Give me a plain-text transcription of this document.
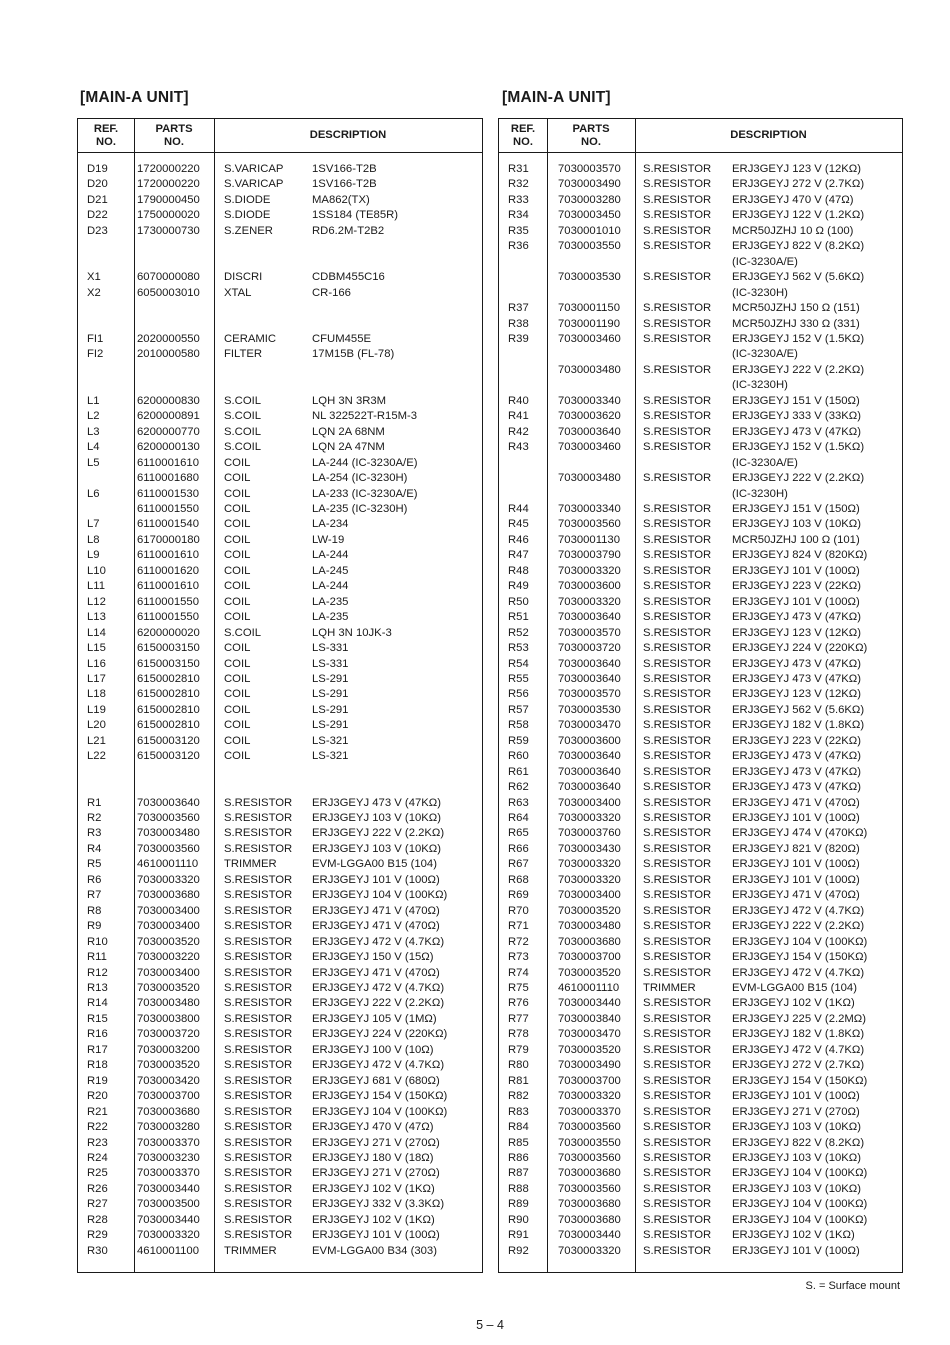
[MAIN-A UNIT]
REF.
NO.
PARTS
NO.
DESCRIPTION
D19	1720000220 S.VARICAP	1SV166-T2B
D20	1720000220 S.VARICAP	1SV166-T2B
D21	1790000450 S.DIODE	MA862(TX)
D22	1750000020 S.DIODE	1SS184 (TE85R)
D23	1730000730 S.ZENER	RD6.2M-T2B2
X1	6070000080 DISCRI	CDBM455C16
X2	6050003010 XTAL	CR-166
FI1	2020000550 CERAMIC	CFUM455E
FI2	2010000580 FILTER	17M15B (FL-78)
L1	6200000830 S.COIL	LQH 3N 3R3M
L2	6200000891 S.COIL	NL 322522T-R15M-3
L3	6200000770 S.COIL	LQN 2A 68NM
L4	6200000130 S.COIL	LQN 2A 47NM
L5	6110001610 COIL	LA-244 (IC-3230A/E)
6110001680 COIL	LA-254 (IC-3230H)
L6	6110001530 COIL	LA-233 (IC-3230A/E)
6110001550 COIL	LA-235 (IC-3230H)
L7	6110001540 COIL	LA-234
L8	6170000180 COIL	LW-19
L9	6110001610 COIL	LA-244
L10	6110001620 COIL	LA-245
L11	6110001610 COIL	LA-244
L12	6110001550 COIL	LA-235
L13	6110001550 COIL	LA-235
L14	6200000020 S.COIL	LQH 3N 10JK-3
L15	6150003150 COIL	LS-331
L16	6150003150 COIL	LS-331
L17	6150002810 COIL	LS-291
L18	6150002810 COIL	LS-291
L19	6150002810 COIL	LS-291
L20	6150002810 COIL	LS-291
L21	6150003120 COIL	LS-321
L22	6150003120 COIL	LS-321
R1	7030003640 S.RESISTOR ERJ3GEYJ 473 V (47KΩ)
R2	7030003560 S.RESISTOR ERJ3GEYJ 103 V (10KΩ)
R3	7030003480 S.RESISTOR ERJ3GEYJ 222 V (2.2KΩ)
R4	7030003560 S.RESISTOR ERJ3GEYJ 103 V (10KΩ)
R5	4610001110 TRIMMER	EVM-LGGA00 B15 (104)
R6	7030003320 S.RESISTOR ERJ3GEYJ 101 V (100Ω)
R7	7030003680 S.RESISTOR ERJ3GEYJ 104 V (100KΩ)
R8	7030003400 S.RESISTOR ERJ3GEYJ 471 V (470Ω)
R9	7030003400 S.RESISTOR ERJ3GEYJ 471 V (470Ω)
R10	7030003520 S.RESISTOR ERJ3GEYJ 472 V (4.7KΩ)
R11	7030003220 S.RESISTOR ERJ3GEYJ 150 V (15Ω)
R12	7030003400 S.RESISTOR ERJ3GEYJ 471 V (470Ω)
R13	7030003520 S.RESISTOR ERJ3GEYJ 472 V (4.7KΩ)
R14	7030003480 S.RESISTOR ERJ3GEYJ 222 V (2.2KΩ)
R15	7030003800 S.RESISTOR ERJ3GEYJ 105 V (1MΩ)
R16	7030003720 S.RESISTOR ERJ3GEYJ 224 V (220KΩ)
R17	7030003200 S.RESISTOR ERJ3GEYJ 100 V (10Ω)
R18	7030003520 S.RESISTOR ERJ3GEYJ 472 V (4.7KΩ)
R19	7030003420 S.RESISTOR ERJ3GEYJ 681 V (680Ω)
R20	7030003700 S.RESISTOR ERJ3GEYJ 154 V (150KΩ)
R21	7030003680 S.RESISTOR ERJ3GEYJ 104 V (100KΩ)
R22	7030003280 S.RESISTOR ERJ3GEYJ 470 V (47Ω)
R23	7030003370 S.RESISTOR ERJ3GEYJ 271 V (270Ω)
R24	7030003230 S.RESISTOR ERJ3GEYJ 180 V (18Ω)
R25	7030003370 S.RESISTOR ERJ3GEYJ 271 V (270Ω)
R26	7030003440 S.RESISTOR ERJ3GEYJ 102 V (1KΩ)
R27	7030003500 S.RESISTOR ERJ3GEYJ 332 V (3.3KΩ)
R28	7030003440 S.RESISTOR ERJ3GEYJ 102 V (1KΩ)
R29	7030003320 S.RESISTOR ERJ3GEYJ 101 V (100Ω)
R30	4610001100 TRIMMER	EVM-LGGA00 B34 (303)
[MAIN-A UNIT]
REF.
NO.
PARTS
NO.
DESCRIPTION
R31	7030003570 S.RESISTOR ERJ3GEYJ 123 V (12KΩ)
R32	7030003490 S.RESISTOR ERJ3GEYJ 272 V (2.7KΩ)
R33	7030003280 S.RESISTOR ERJ3GEYJ 470 V (47Ω)
R34	7030003450 S.RESISTOR ERJ3GEYJ 122 V (1.2KΩ)
R35	7030001010 S.RESISTOR MCR50JZHJ 10 Ω (100)
R36	7030003550 S.RESISTOR ERJ3GEYJ 822 V (8.2KΩ)
(IC-3230A/E)
7030003530 S.RESISTOR ERJ3GEYJ 562 V (5.6KΩ)
(IC-3230H)
R37	7030001150 S.RESISTOR MCR50JZHJ 150 Ω (151)
R38	7030001190 S.RESISTOR MCR50JZHJ 330 Ω (331)
R39	7030003460 S.RESISTOR ERJ3GEYJ 152 V (1.5KΩ)
(IC-3230A/E)
7030003480 S.RESISTOR ERJ3GEYJ 222 V (2.2KΩ)
(IC-3230H)
R40	7030003340 S.RESISTOR ERJ3GEYJ 151 V (150Ω)
R41	7030003620 S.RESISTOR ERJ3GEYJ 333 V (33KΩ)
R42	7030003640 S.RESISTOR ERJ3GEYJ 473 V (47KΩ)
R43	7030003460 S.RESISTOR ERJ3GEYJ 152 V (1.5KΩ)
(IC-3230A/E)
7030003480 S.RESISTOR ERJ3GEYJ 222 V (2.2KΩ)
(IC-3230H)
R44	7030003340 S.RESISTOR ERJ3GEYJ 151 V (150Ω)
R45	7030003560 S.RESISTOR ERJ3GEYJ 103 V (10KΩ)
R46	7030001130 S.RESISTOR MCR50JZHJ 100 Ω (101)
R47	7030003790 S.RESISTOR ERJ3GEYJ 824 V (820KΩ)
R48	7030003320 S.RESISTOR ERJ3GEYJ 101 V (100Ω)
R49	7030003600 S.RESISTOR ERJ3GEYJ 223 V (22KΩ)
R50	7030003320 S.RESISTOR ERJ3GEYJ 101 V (100Ω)
R51	7030003640 S.RESISTOR ERJ3GEYJ 473 V (47KΩ)
R52	7030003570 S.RESISTOR ERJ3GEYJ 123 V (12KΩ)
R53	7030003720 S.RESISTOR ERJ3GEYJ 224 V (220KΩ)
R54	7030003640 S.RESISTOR ERJ3GEYJ 473 V (47KΩ)
R55	7030003640 S.RESISTOR ERJ3GEYJ 473 V (47KΩ)
R56	7030003570 S.RESISTOR ERJ3GEYJ 123 V (12KΩ)
R57	7030003530 S.RESISTOR ERJ3GEYJ 562 V (5.6KΩ)
R58	7030003470 S.RESISTOR ERJ3GEYJ 182 V (1.8KΩ)
R59	7030003600 S.RESISTOR ERJ3GEYJ 223 V (22KΩ)
R60	7030003640 S.RESISTOR ERJ3GEYJ 473 V (47KΩ)
R61	7030003640 S.RESISTOR ERJ3GEYJ 473 V (47KΩ)
R62	7030003640 S.RESISTOR ERJ3GEYJ 473 V (47KΩ)
R63	7030003400 S.RESISTOR ERJ3GEYJ 471 V (470Ω)
R64	7030003320 S.RESISTOR ERJ3GEYJ 101 V (100Ω)
R65	7030003760 S.RESISTOR ERJ3GEYJ 474 V (470KΩ)
R66	7030003430 S.RESISTOR ERJ3GEYJ 821 V (820Ω)
R67	7030003320 S.RESISTOR ERJ3GEYJ 101 V (100Ω)
R68	7030003320 S.RESISTOR ERJ3GEYJ 101 V (100Ω)
R69	7030003400 S.RESISTOR ERJ3GEYJ 471 V (470Ω)
R70	7030003520 S.RESISTOR ERJ3GEYJ 472 V (4.7KΩ)
R71	7030003480 S.RESISTOR ERJ3GEYJ 222 V (2.2KΩ)
R72	7030003680 S.RESISTOR ERJ3GEYJ 104 V (100KΩ)
R73	7030003700 S.RESISTOR ERJ3GEYJ 154 V (150KΩ)
R74	7030003520 S.RESISTOR ERJ3GEYJ 472 V (4.7KΩ)
R75	4610001110 TRIMMER	EVM-LGGA00 B15 (104)
R76	7030003440 S.RESISTOR ERJ3GEYJ 102 V (1KΩ)
R77	7030003840 S.RESISTOR ERJ3GEYJ 225 V (2.2MΩ)
R78	7030003470 S.RESISTOR ERJ3GEYJ 182 V (1.8KΩ)
R79	7030003520 S.RESISTOR ERJ3GEYJ 472 V (4.7KΩ)
R80	7030003490 S.RESISTOR ERJ3GEYJ 272 V (2.7KΩ)
R81	7030003700 S.RESISTOR ERJ3GEYJ 154 V (150KΩ)
R82	7030003320 S.RESISTOR ERJ3GEYJ 101 V (100Ω)
R83	7030003370 S.RESISTOR ERJ3GEYJ 271 V (270Ω)
R84	7030003560 S.RESISTOR ERJ3GEYJ 103 V (10KΩ)
R85	7030003550 S.RESISTOR ERJ3GEYJ 822 V (8.2KΩ)
R86	7030003560 S.RESISTOR ERJ3GEYJ 103 V (10KΩ)
R87	7030003680 S.RESISTOR ERJ3GEYJ 104 V (100KΩ)
R88	7030003560 S.RESISTOR ERJ3GEYJ 103 V (10KΩ)
R89	7030003680 S.RESISTOR ERJ3GEYJ 104 V (100KΩ)
R90	7030003680 S.RESISTOR ERJ3GEYJ 104 V (100KΩ)
R91	7030003440 S.RESISTOR ERJ3GEYJ 102 V (1KΩ)
R92	7030003320 S.RESISTOR ERJ3GEYJ 101 V (100Ω)
S. = Surface mount
5 – 4
